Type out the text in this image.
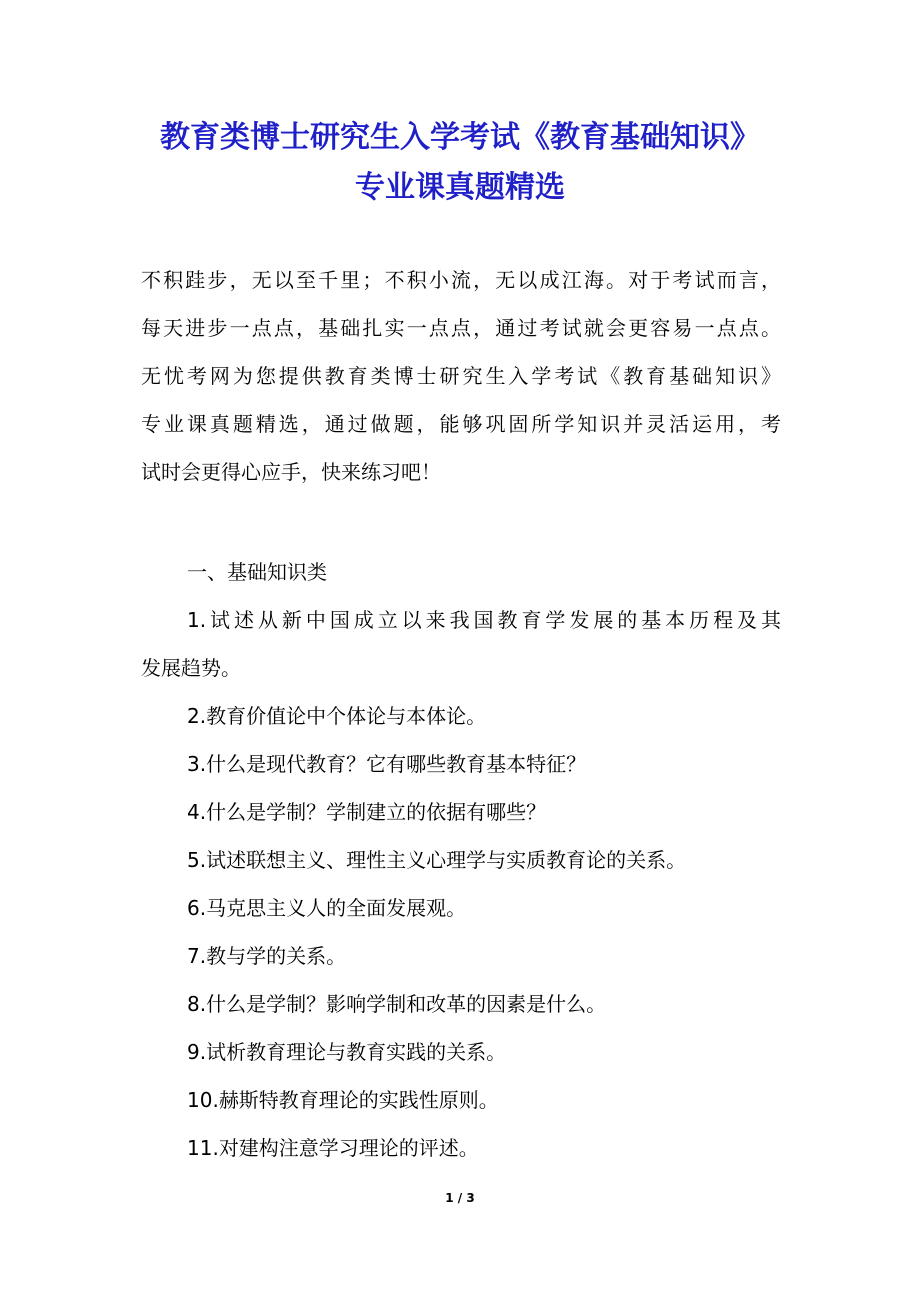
教育类博士研究生入学考试《教育基础知识》
专业课真题精选
不积跬步，无以至千里；不积小流，无以成江海。对于考试而言，
每天进步一点点，基础扎实一点点，通过考试就会更容易一点点。
无忧考网为您提供教育类博士研究生入学考试《教育基础知识》
专业课真题精选，通过做题，能够巩固所学知识并灵活运用，考
试时会更得心应手，快来练习吧！
一、基础知识类
1.试述从新中国成立以来我国教育学发展的基本历程及其
发展趋势。
2.教育价值论中个体论与本体论。
3.什么是现代教育？它有哪些教育基本特征？
4.什么是学制？学制建立的依据有哪些？
5.试述联想主义、理性主义心理学与实质教育论的关系。
6.马克思主义人的全面发展观。
7.教与学的关系。
8.什么是学制？影响学制和改革的因素是什么。
9.试析教育理论与教育实践的关系。
10.赫斯特教育理论的实践性原则。
11.对建构注意学习理论的评述。
1 / 3
